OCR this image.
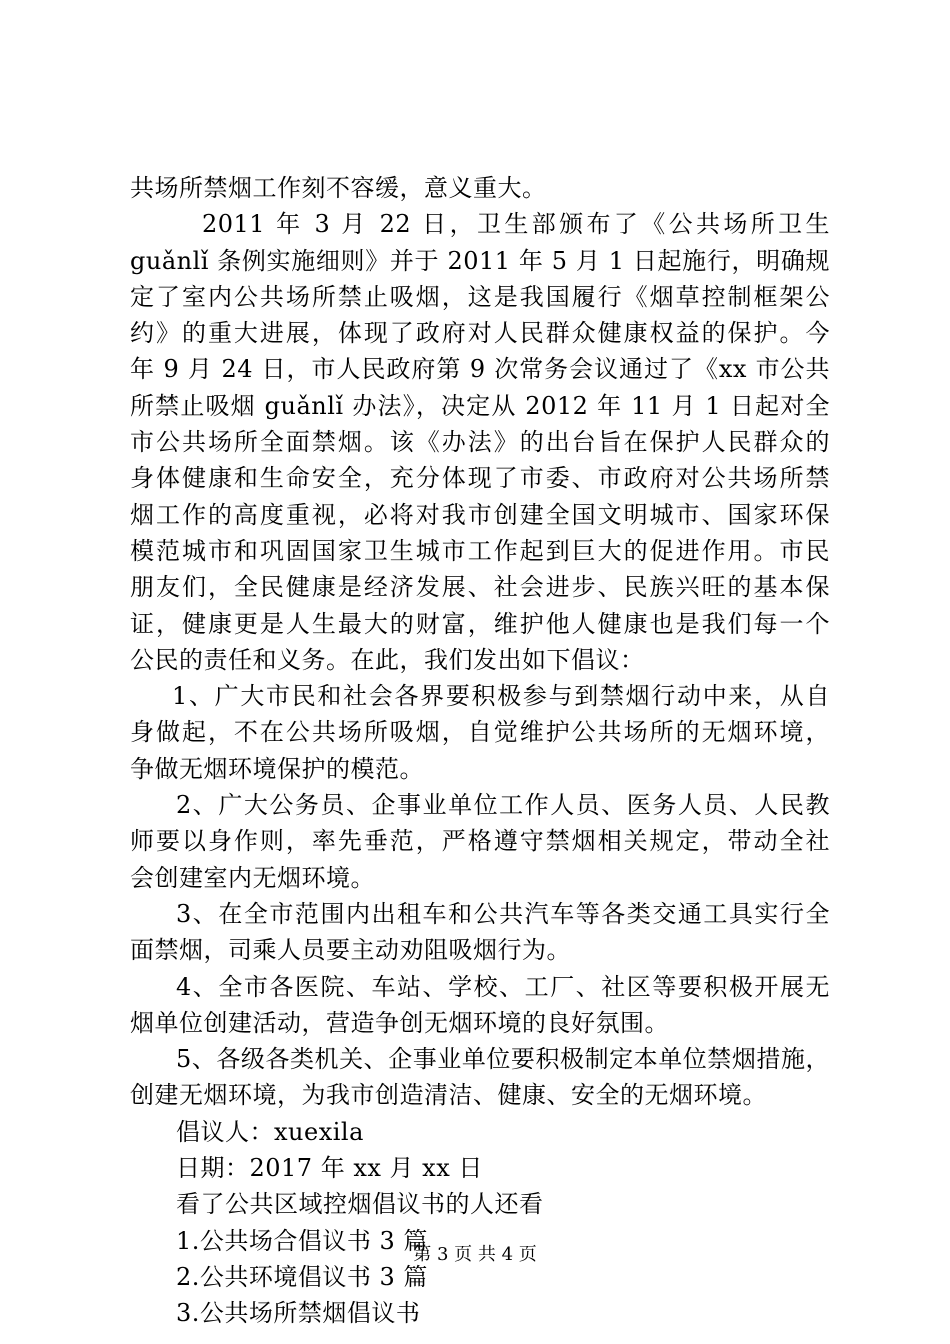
共场所禁烟工作刻不容缓，意义重大。
2011 年 3 月 22 日，卫生部颁布了《公共场所卫生
guǎnlǐ 条例实施细则》并于 2011 年 5 月 1 日起施行，明确规
定了室内公共场所禁止吸烟，这是我国履行《烟草控制框架公
约》的重大进展，体现了政府对人民群众健康权益的保护。今
年 9 月 24 日，市人民政府第 9 次常务会议通过了《xx 市公共
所禁止吸烟 guǎnlǐ 办法》，决定从 2012 年 11 月 1 日起对全
市公共场所全面禁烟。该《办法》的出台旨在保护人民群众的
身体健康和生命安全，充分体现了市委、市政府对公共场所禁
烟工作的高度重视，必将对我市创建全国文明城市、国家环保
模范城市和巩固国家卫生城市工作起到巨大的促进作用。市民
朋友们，全民健康是经济发展、社会进步、民族兴旺的基本保
证，健康更是人生最大的财富，维护他人健康也是我们每一个
公民的责任和义务。在此，我们发出如下倡议：
1、广大市民和社会各界要积极参与到禁烟行动中来，从自
身做起，不在公共场所吸烟，自觉维护公共场所的无烟环境，
争做无烟环境保护的模范。
2、广大公务员、企事业单位工作人员、医务人员、人民教
师要以身作则，率先垂范，严格遵守禁烟相关规定，带动全社
会创建室内无烟环境。
3、在全市范围内出租车和公共汽车等各类交通工具实行全
面禁烟，司乘人员要主动劝阻吸烟行为。
4、全市各医院、车站、学校、工厂、社区等要积极开展无
烟单位创建活动，营造争创无烟环境的良好氛围。
5、各级各类机关、企事业单位要积极制定本单位禁烟措施，
创建无烟环境，为我市创造清洁、健康、安全的无烟环境。
倡议人：xuexila
日期：2017 年 xx 月 xx 日
看了公共区域控烟倡议书的人还看
1.公共场合倡议书 3 篇
2.公共环境倡议书 3 篇
3.公共场所禁烟倡议书
第 3 页 共 4 页
